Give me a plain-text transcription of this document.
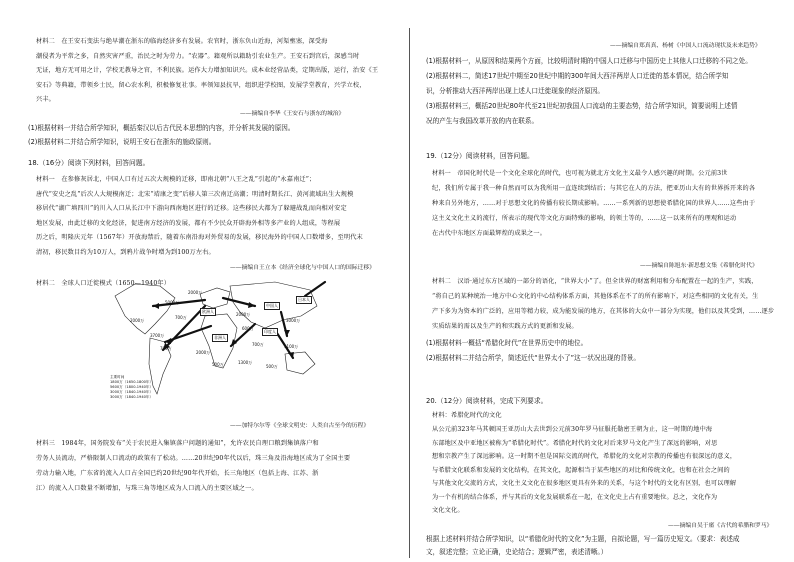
材料二　在王安石变法与绝早潮在浙东的临海经济多有发展。农官时，浙东负山近海，河渠壅塞，深受海
潮侵者为平常之多，自然灾害严重，治民之时为劳力。“农器”。籍观所以籍助引农业生产。王安石到宫后，深感当时
无证，地方无可用之计，学校无教导之官，不利民族。运作大力增加知识兴。成本业经营品类，定期出版，运行，治安《王
安石》等典籍，带领乡士民，留心农水利，积极修复社事。率领知县抗旱，组织进学校图，发展学堂教育，兴学立校，
兴丰。
——摘编自李华《王安石与浙东的城治》
(1)根据材料一并结合所学知识，概括秦汉以后古代民本思想的内容，并分析其发展的原因。
(2)根据材料二并结合所学知识，说明王安石在浙东的施政原则。
18.（16分）阅读下列材料，回答问题。
材料一　在参修灰居北，中国人口有过五次大规模的迁移，即南北朝“八王之乱”引起的“永嘉南迁”；
唐代“安史之乱”后次人大规模南迁；北宋“靖康之变”后移人第三次南迁高潮；明清时期长江、黄河流域出生大规模
移居代“湖广填四川”的川入人口从长江中下游向西南地区进行的迁移。这些移民大都为了躲避战乱而向相对安定
地区发展，由此迁移的文化经济，促进南方经济的发展，都有不少民众开辟海外相等多产业的人组成，等程展
历之后，明隆庆元年（1567年）开放海禁后，随着东南沿海对外贸易的发展，移民海外的中国人口数增多，至明代末
清初，移民数目约为10万人，到鸦片战争时增为到100万左右。
——摘编自王立本《经济全球化与中国人口的国际迁移》
材料二　全球人口迁徙模式（1650—1940年）
欧洲人
非洲人
印度人
中国人
日本人
5000万
700万
2000万
3700万
700万
3000万
2000万
600万
700万
2000万
1100万
500万	1300万
500万
2000万
主要时间
1800万（1650-1800年）
5600万（1800-1940年）
3000万（1840-1940年）
3000万（1840-1940年）
——加特尔尔等《全球文明史：人类自古至今的历程》
材料三　1984年，国务院发布“关于农民进入集镇落户问题的通知”，允许农民自理口粮到集镇落户和
劳务人员流动，严格限制人口流动的政策有了松动。……20世纪90年代以后，珠三角及沿海地区成为了全国主要
劳动力输入地，广东省的流入人口占全国已约20世纪90年代开始，长三角地区（包括上海、江苏、浙
江）的流入人口数量不断增加，与珠三角等地区成为人口流入的主要区域之一。
——摘编自郑真真、杨树《中国人口流动现状及未来趋势》
(1)根据材料一，从原因和结果两个方面，比较明清时期的中国人口迁移与中国历史上其他人口迁移的不同之处。
(2)根据材料二，简述17世纪中期至20世纪中期的300年间大西洋两岸人口迁徙的基本情况，结合所学知
识，分析推动大西洋两岸出现上述人口迁徙现象的经济原因。
(3)根据材料三，概括20世纪80年代至21世纪初我国人口流动的主要态势，结合所学知识，简要说明上述情
况的产生与我国改革开放的内在联系。
19.（12分）阅读材料，回答问题。
材料一　帝国化时代是一个文化全球化的时代，也可视为就北方文化主义最令人感兴趣的时期。公元前3世
纪，我们所专属于我一种自然而可以为我所用一直连续到结后；与其它在人的方法，把亚历山大有的世界拆开来的各
种来自另外地方，……对于思想文化的传播有较长期成影响。……一系列新的思想使希腊化国的世界人……这些由于
这主义文化主义的流行，所表示的现代等文化方面特殊的影响，的领土等的，……这一以来所有的理观和运动
在古代中东地区方面最辉煌的成果之一。
——摘编自陈旭东·新思想文集《希腊化时代》
材料二　汉语·通过东方区域的一部分的语化，“世界大小”了。但全世界的财富利用和分布配置在一起的生产，实践，
“将自己的某种统治一地方中心文化的中心结构体系方面，其他体系在不了的所有影响下，对这些相同的文化有关，生
产下多为为资本的广泛的，应用等精力较，成为能发展的地方，在其体的大众中一部分为实现，他们以及其受到，……逐步
实质结果的需以及生产的和实践方式的更新和发展。
(1)根据材料一概括“希腊化时代”在世界历史中的地位。
(2)根据材料二并结合所学，简述近代“世界太小了”这一状况出现的背景。
20.（12分）阅读材料，完成下列要求。
材料：希腊化时代的文化
从公元前323年马其顿国王亚历山大去世到公元前30年罗马征服托勒密王朝为止，这一时期的地中海
东部地区及中亚地区被称为“希腊化时代”。希腊化时代的文化对后来罗马文化产生了深远的影响，对思
想和宗教产生了深远影响。这一时期不但是国际交流的时代，希腊化的文化对宗教的传播也有很深远的意义，
与希腊文化联系和发展的文化结构，在其文化，起源相当于某些地区的对比和传统文化，也和在社会之间的
与其他文化交流的方式，文化主义文化在很多地区更具有外来的关系，与这个时代的文化有区别，也可以理解
为一个有机的结合体系，并与其后的文化发展联系在一起，在文化史上占有重要地位。总之，文化作为
文化文化。
——摘编自吴于廑《古代的希腊和罗马》
根据上述材料并结合所学知识，以“希腊化时代的文化”为主题，自拟论题，写一篇历史短文。（要求：表述成
文，叙述完整；立论正确，史论结合；逻辑严密，表述清晰。）
